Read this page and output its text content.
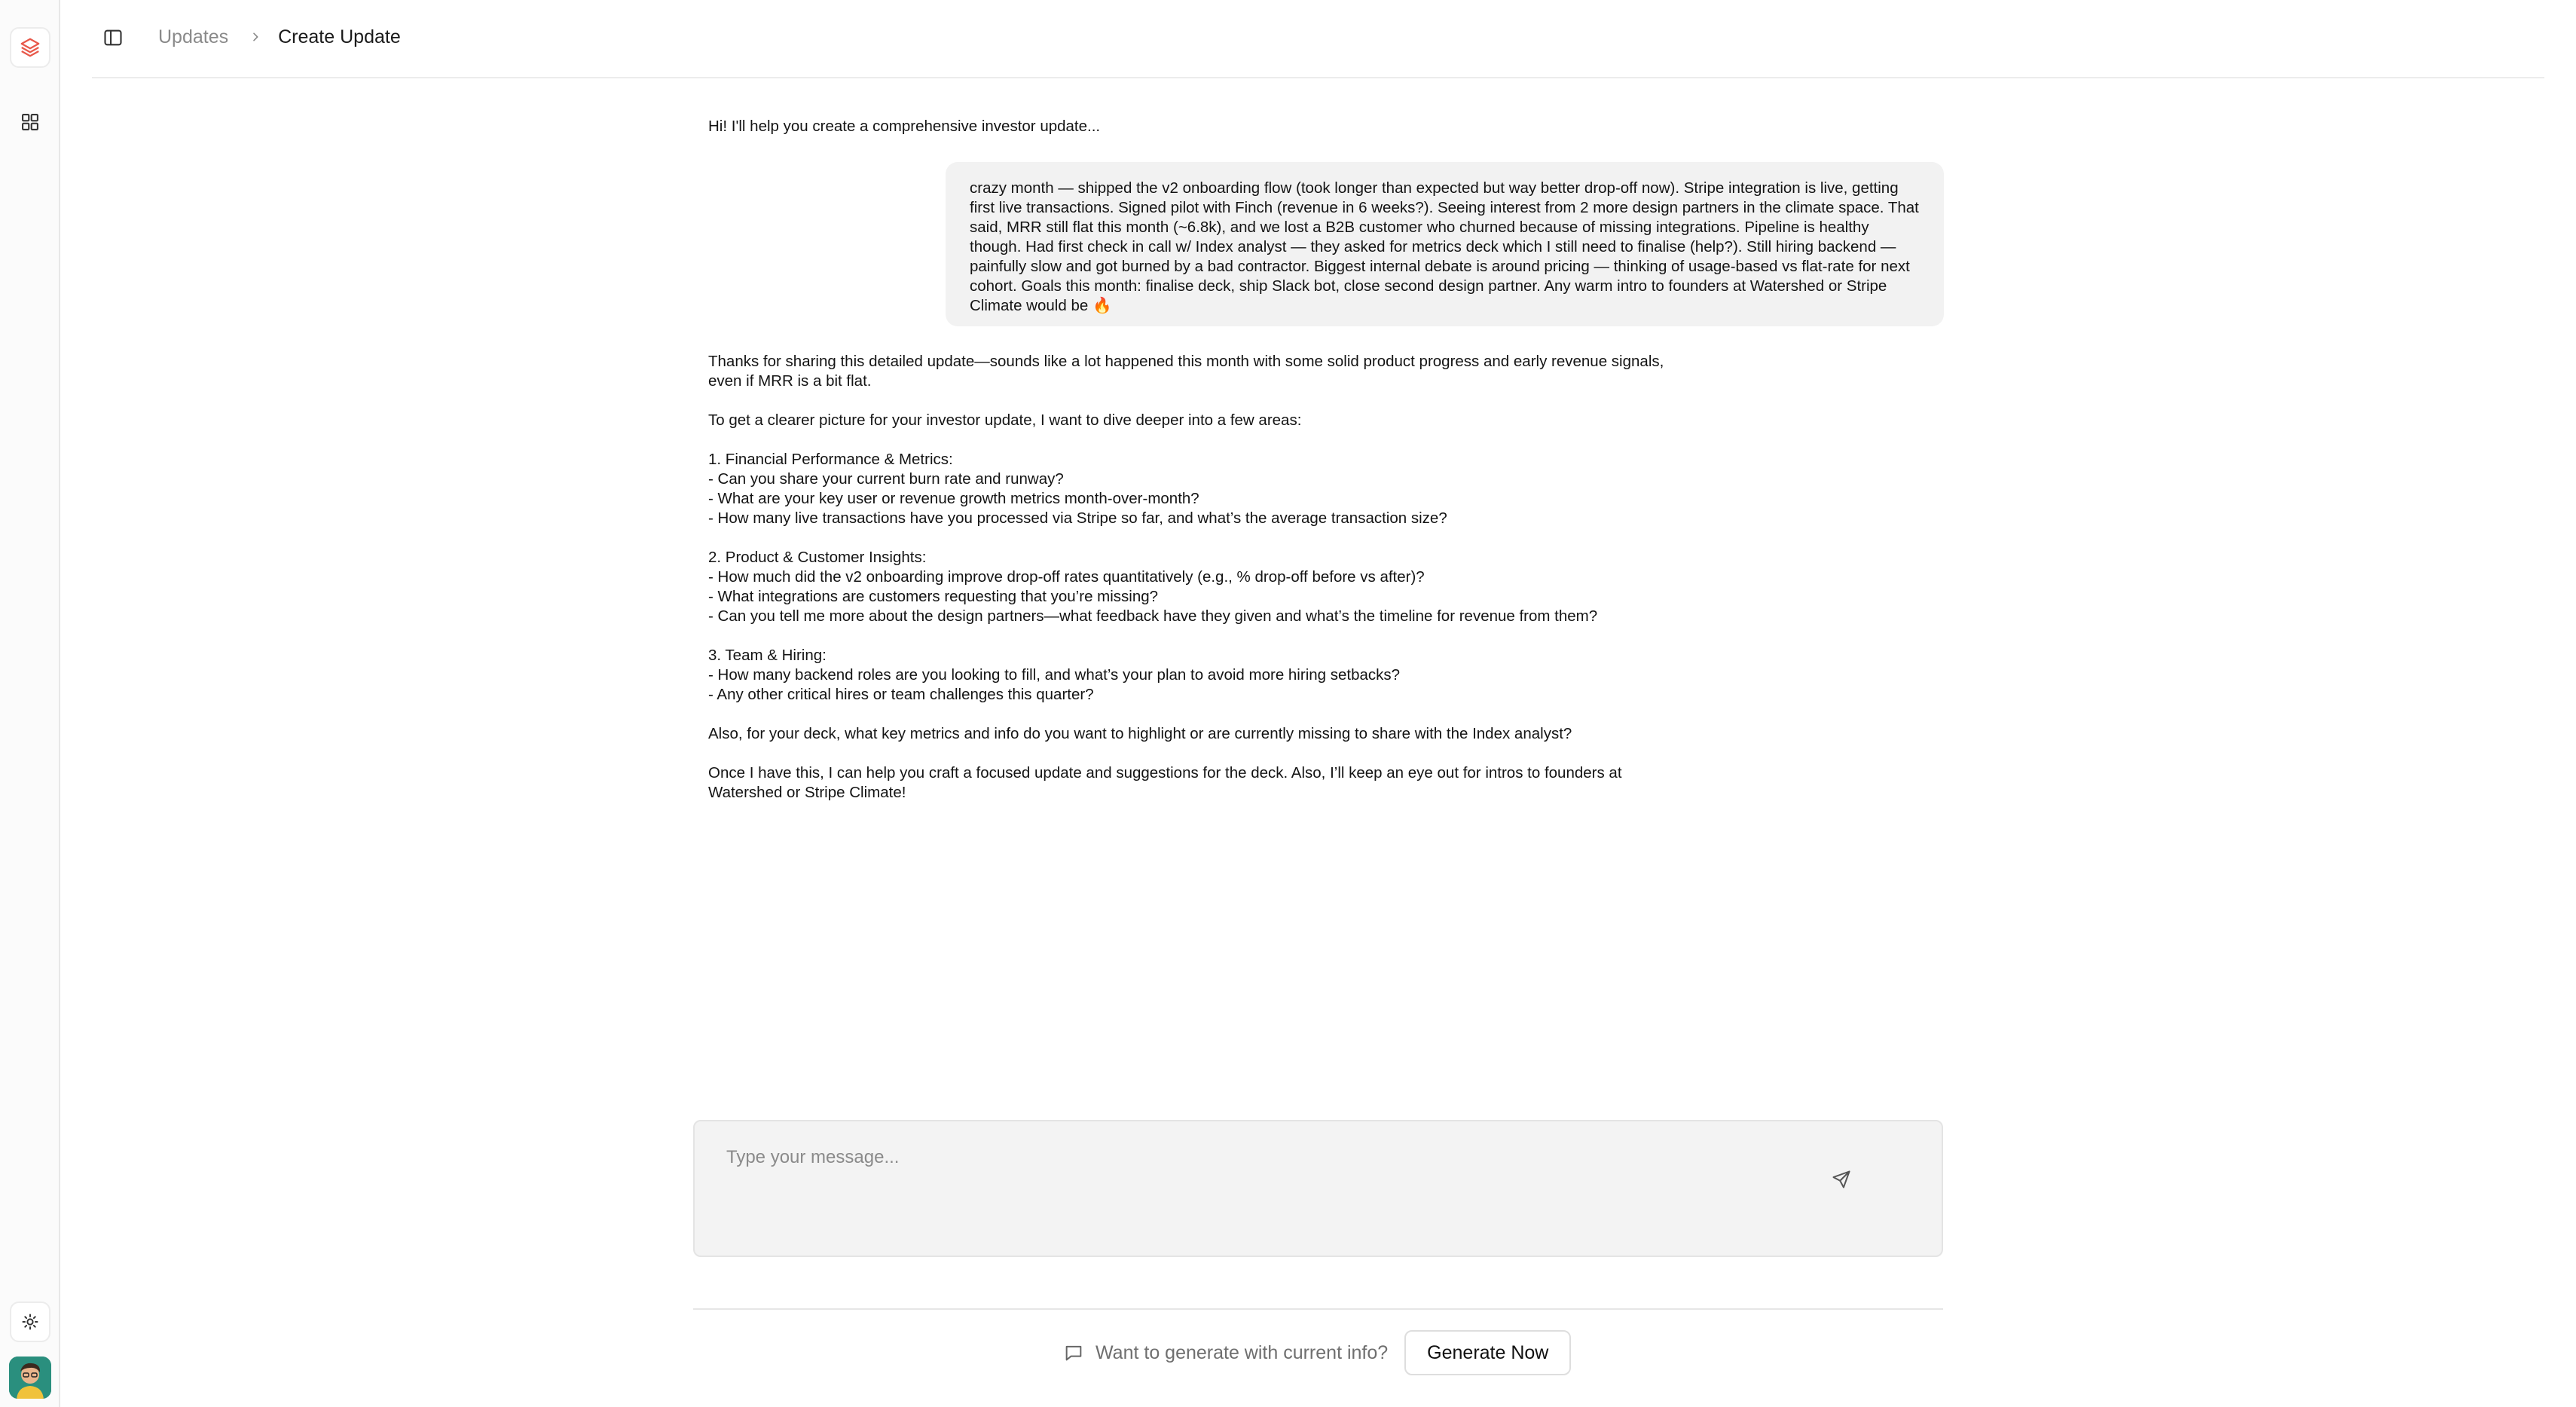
Updates	Create Update

Hi! I'll help you create a comprehensive investor update...

crazy month — shipped the v2 onboarding flow (took longer than expected but way better drop-off now). Stripe integration is live, getting first live transactions. Signed pilot with Finch (revenue in 6 weeks?). Seeing interest from 2 more design partners in the climate space. That said, MRR still flat this month (~6.8k), and we lost a B2B customer who churned because of missing integrations. Pipeline is healthy though. Had first check in call w/ Index analyst — they asked for metrics deck which I still need to finalise (help?). Still hiring backend — painfully slow and got burned by a bad contractor. Biggest internal debate is around pricing — thinking of usage-based vs flat-rate for next cohort. Goals this month: finalise deck, ship Slack bot, close second design partner. Any warm intro to founders at Watershed or Stripe Climate would be 🔥

Thanks for sharing this detailed update—sounds like a lot happened this month with some solid product progress and early revenue signals, even if MRR is a bit flat.

To get a clearer picture for your investor update, I want to dive deeper into a few areas:

1. Financial Performance & Metrics:
- Can you share your current burn rate and runway?
- What are your key user or revenue growth metrics month-over-month?
- How many live transactions have you processed via Stripe so far, and what’s the average transaction size?

2. Product & Customer Insights:
- How much did the v2 onboarding improve drop-off rates quantitatively (e.g., % drop-off before vs after)?
- What integrations are customers requesting that you’re missing?
- Can you tell me more about the design partners—what feedback have they given and what’s the timeline for revenue from them?

3. Team & Hiring:
- How many backend roles are you looking to fill, and what’s your plan to avoid more hiring setbacks?
- Any other critical hires or team challenges this quarter?

Also, for your deck, what key metrics and info do you want to highlight or are currently missing to share with the Index analyst?

Once I have this, I can help you craft a focused update and suggestions for the deck. Also, I’ll keep an eye out for intros to founders at Watershed or Stripe Climate!

Type your message...
Want to generate with current info?	Generate Now
